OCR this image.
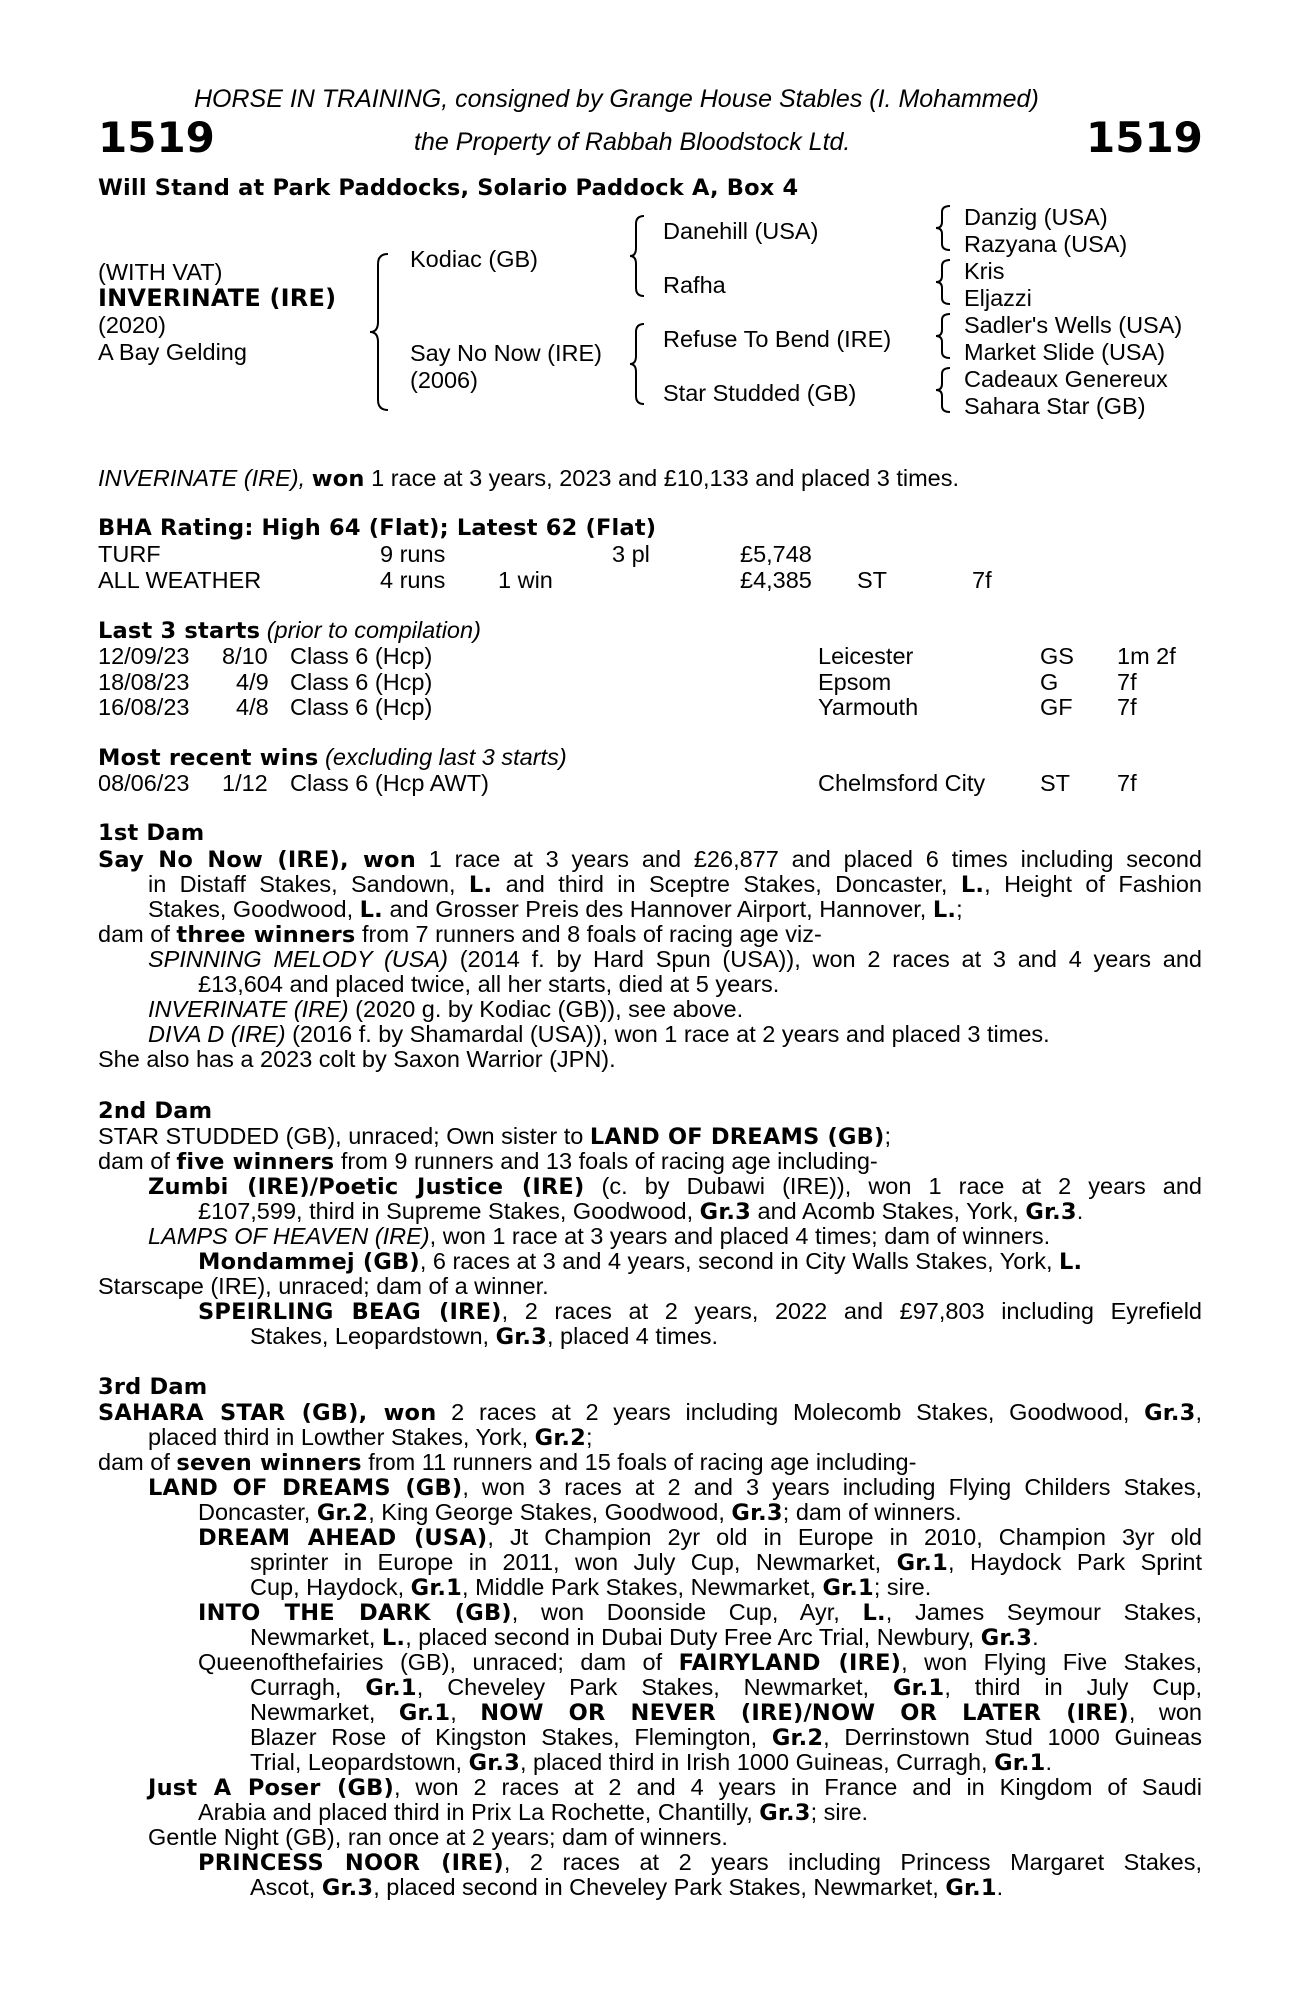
HORSE IN TRAINING, consigned by Grange House Stables (I. Mohammed)
1519	the Property of Rabbah Bloodstock Ltd.	1519
Will Stand at Park Paddocks, Solario Paddock A, Box 4
(WITH VAT)
INVERINATE (IRE)
(2020)
A Bay Gelding
Kodiac (GB)
Say No Now (IRE)
(2006)
Danehill (USA)
Rafha
Refuse To Bend (IRE)
Star Studded (GB)
Danzig (USA)
Razyana (USA)
Kris
Eljazzi
Sadler's Wells (USA)
Market Slide (USA)
Cadeaux Genereux
Sahara Star (GB)
INVERINATE (IRE), won 1 race at 3 years, 2023 and £10,133 and placed 3 times.
BHA Rating: High 64 (Flat); Latest 62 (Flat)
TURF	9 runs	3 pl	£5,748
ALL WEATHER	4 runs 1 win	£4,385 ST	7f
Last 3 starts (prior to compilation)
12/09/23 8/10 Class 6 (Hcp)	Leicester	GS 1m 2f
18/08/23 4/9 Class 6 (Hcp)	Epsom	G 7f
16/08/23 4/8 Class 6 (Hcp)	Yarmouth	GF 7f
Most recent wins (excluding last 3 starts)
08/06/23 1/12 Class 6 (Hcp AWT)	Chelmsford City ST 7f
1st Dam
Say No Now (IRE), won 1 race at 3 years and £26,877 and placed 6 times including second
in Distaff Stakes, Sandown, L. and third in Sceptre Stakes, Doncaster, L., Height of Fashion
Stakes, Goodwood, L. and Grosser Preis des Hannover Airport, Hannover, L.;
dam of three winners from 7 runners and 8 foals of racing age viz-
SPINNING MELODY (USA) (2014 f. by Hard Spun (USA)), won 2 races at 3 and 4 years and
£13,604 and placed twice, all her starts, died at 5 years.
INVERINATE (IRE) (2020 g. by Kodiac (GB)), see above.
DIVA D (IRE) (2016 f. by Shamardal (USA)), won 1 race at 2 years and placed 3 times.
She also has a 2023 colt by Saxon Warrior (JPN).
2nd Dam
STAR STUDDED (GB), unraced; Own sister to LAND OF DREAMS (GB);
dam of five winners from 9 runners and 13 foals of racing age including-
Zumbi (IRE)/Poetic Justice (IRE) (c. by Dubawi (IRE)), won 1 race at 2 years and
£107,599, third in Supreme Stakes, Goodwood, Gr.3 and Acomb Stakes, York, Gr.3.
LAMPS OF HEAVEN (IRE), won 1 race at 3 years and placed 4 times; dam of winners.
Mondammej (GB), 6 races at 3 and 4 years, second in City Walls Stakes, York, L.
Starscape (IRE), unraced; dam of a winner.
SPEIRLING BEAG (IRE), 2 races at 2 years, 2022 and £97,803 including Eyrefield
Stakes, Leopardstown, Gr.3, placed 4 times.
3rd Dam
SAHARA STAR (GB), won 2 races at 2 years including Molecomb Stakes, Goodwood, Gr.3,
placed third in Lowther Stakes, York, Gr.2;
dam of seven winners from 11 runners and 15 foals of racing age including-
LAND OF DREAMS (GB), won 3 races at 2 and 3 years including Flying Childers Stakes,
Doncaster, Gr.2, King George Stakes, Goodwood, Gr.3; dam of winners.
DREAM AHEAD (USA), Jt Champion 2yr old in Europe in 2010, Champion 3yr old
sprinter in Europe in 2011, won July Cup, Newmarket, Gr.1, Haydock Park Sprint
Cup, Haydock, Gr.1, Middle Park Stakes, Newmarket, Gr.1; sire.
INTO THE DARK (GB), won Doonside Cup, Ayr, L., James Seymour Stakes,
Newmarket, L., placed second in Dubai Duty Free Arc Trial, Newbury, Gr.3.
Queenofthefairies (GB), unraced; dam of FAIRYLAND (IRE), won Flying Five Stakes,
Curragh, Gr.1, Cheveley Park Stakes, Newmarket, Gr.1, third in July Cup,
Newmarket, Gr.1, NOW OR NEVER (IRE)/NOW OR LATER (IRE), won
Blazer Rose of Kingston Stakes, Flemington, Gr.2, Derrinstown Stud 1000 Guineas
Trial, Leopardstown, Gr.3, placed third in Irish 1000 Guineas, Curragh, Gr.1.
Just A Poser (GB), won 2 races at 2 and 4 years in France and in Kingdom of Saudi
Arabia and placed third in Prix La Rochette, Chantilly, Gr.3; sire.
Gentle Night (GB), ran once at 2 years; dam of winners.
PRINCESS NOOR (IRE), 2 races at 2 years including Princess Margaret Stakes,
Ascot, Gr.3, placed second in Cheveley Park Stakes, Newmarket, Gr.1.
